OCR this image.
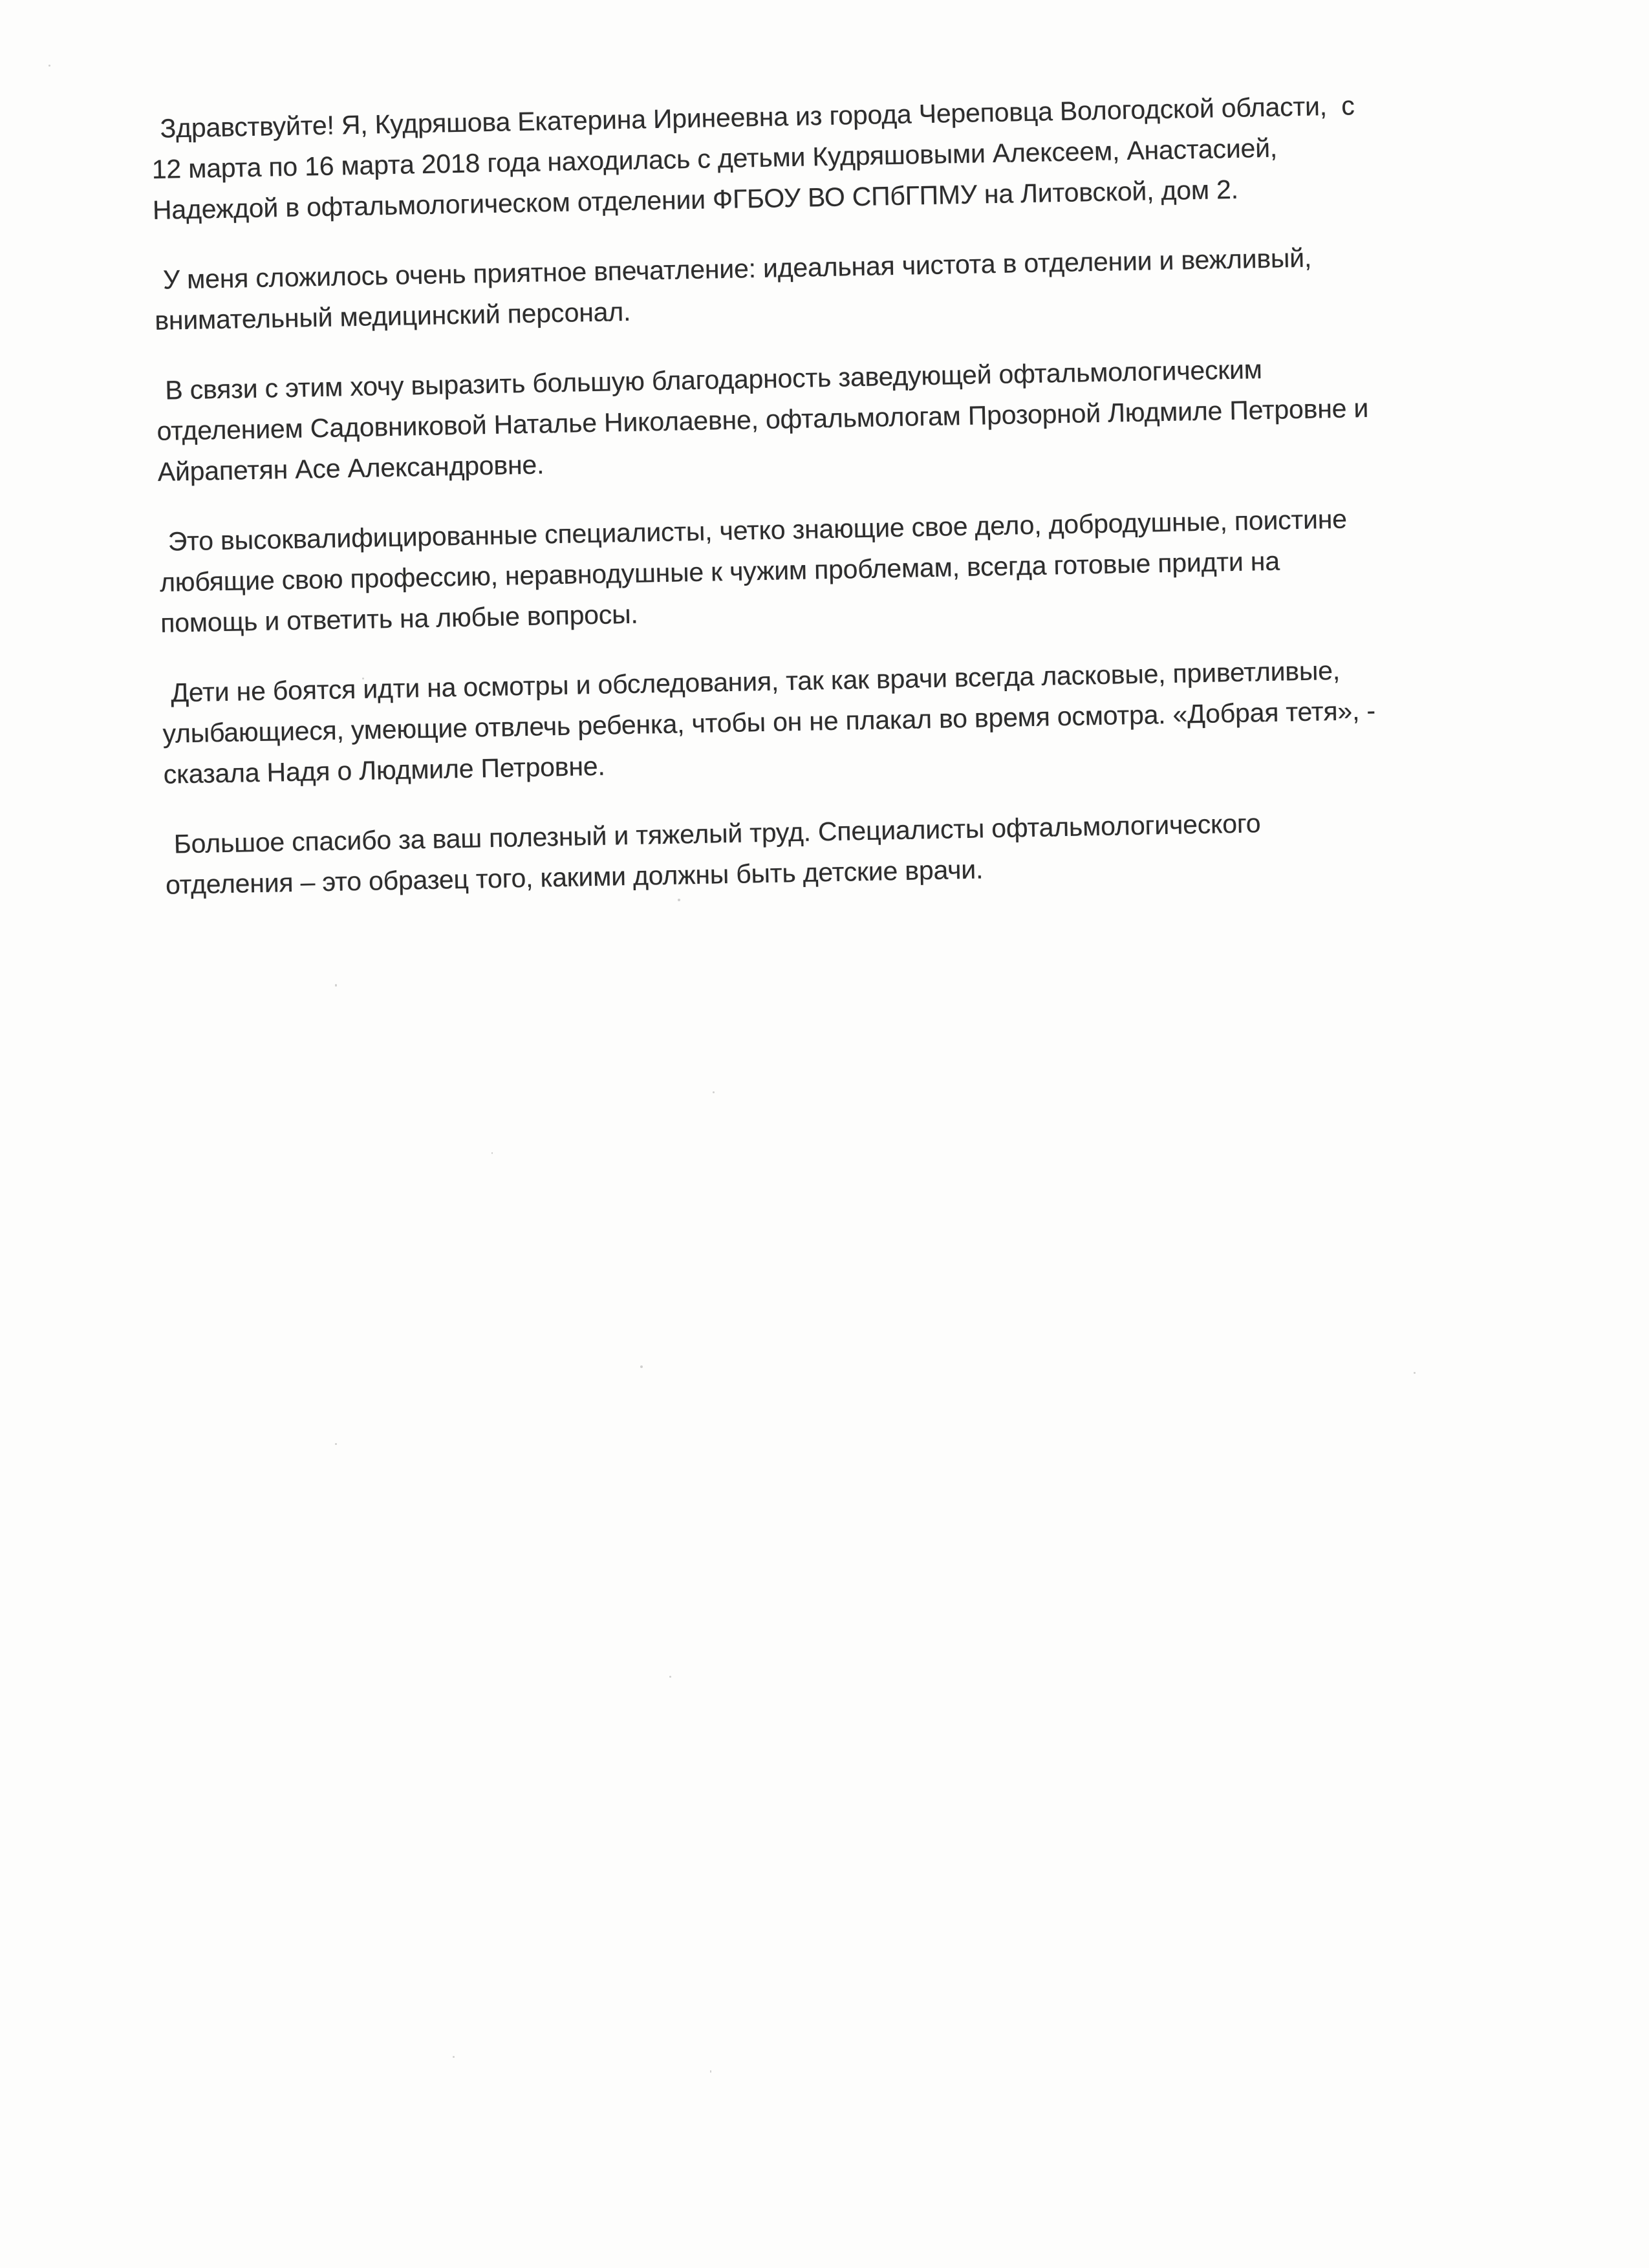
Здравствуйте! Я, Кудряшова Екатерина Иринеевна из города Череповца Вологодской области,  с
12 марта по 16 марта 2018 года находилась с детьми Кудряшовыми Алексеем, Анастасией,
Надеждой в офтальмологическом отделении ФГБОУ ВО СПбГПМУ на Литовской, дом 2.
У меня сложилось очень приятное впечатление: идеальная чистота в отделении и вежливый,
внимательный медицинский персонал.
В связи с этим хочу выразить большую благодарность заведующей офтальмологическим
отделением Садовниковой Наталье Николаевне, офтальмологам Прозорной Людмиле Петровне и
Айрапетян Асе Александровне.
Это высоквалифицированные специалисты, четко знающие свое дело, добродушные, поистине
любящие свою профессию, неравнодушные к чужим проблемам, всегда готовые придти на
помощь и ответить на любые вопросы.
Дети не боятся идти на осмотры и обследования, так как врачи всегда ласковые, приветливые,
улыбающиеся, умеющие отвлечь ребенка, чтобы он не плакал во время осмотра. «Добрая тетя», -
сказала Надя о Людмиле Петровне.
Большое спасибо за ваш полезный и тяжелый труд. Специалисты офтальмологического
отделения – это образец того, какими должны быть детские врачи.
